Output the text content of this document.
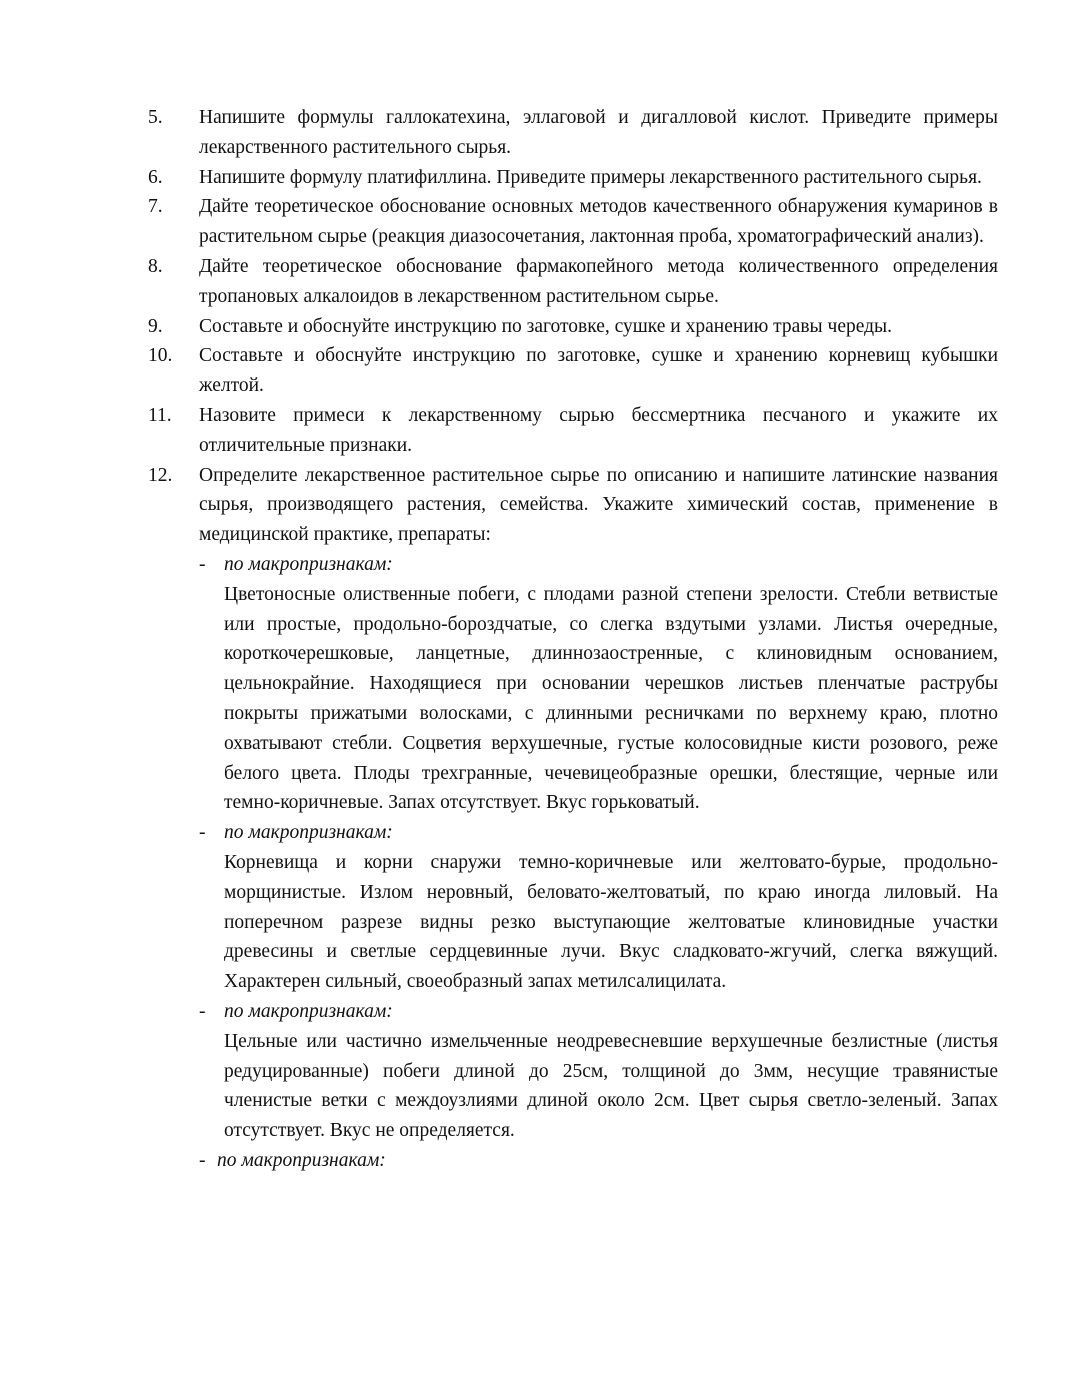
5.	Напишите формулы галлокатехина, эллаговой и дигалловой кислот. Приведите примеры лекарственного растительного сырья.
6.	Напишите формулу платифиллина. Приведите примеры лекарственного растительного сырья.
7.	Дайте теоретическое обоснование основных методов качественного обнаружения кумаринов в растительном сырье (реакция диазосочетания, лактонная проба, хроматографический анализ).
8.	Дайте теоретическое обоснование фармакопейного метода количественного определения тропановых алкалоидов в лекарственном растительном сырье.
9.	Составьте и обоснуйте инструкцию по заготовке, сушке и хранению травы череды.
10.	Составьте и обоснуйте инструкцию по заготовке, сушке и хранению корневищ кубышки желтой.
11.	Назовите примеси к лекарственному сырью бессмертника песчаного и укажите их отличительные признаки.
12.	Определите лекарственное растительное сырье по описанию и напишите латинские названия сырья, производящего растения, семейства. Укажите химический состав, применение в медицинской практике, препараты:
- по макропризнакам:
Цветоносные олиственные побеги, с плодами разной степени зрелости. Стебли ветвистые или простые, продольно-бороздчатые, со слегка вздутыми узлами. Листья очередные, короткочерешковые, ланцетные, длиннозаостренные, с клиновидным основанием, цельнокрайние. Находящиеся при основании черешков листьев пленчатые раструбы покрыты прижатыми волосками, с длинными ресничками по верхнему краю, плотно охватывают стебли. Соцветия верхушечные, густые колосовидные кисти розового, реже белого цвета. Плоды трехгранные, чечевицеобразные орешки, блестящие, черные или темно-коричневые. Запах отсутствует. Вкус горьковатый.
- по макропризнакам:
Корневища и корни снаружи темно-коричневые или желтовато-бурые, продольно-морщинистые. Излом неровный, беловато-желтоватый, по краю иногда лиловый. На поперечном разрезе видны резко выступающие желтоватые клиновидные участки древесины и светлые сердцевинные лучи. Вкус сладковато-жгучий, слегка вяжущий. Характерен сильный, своеобразный запах метилсалицилата.
- по макропризнакам:
Цельные или частично измельченные неодревесневшие верхушечные безлистные (листья редуцированные) побеги длиной до 25см, толщиной до 3мм, несущие травянистые членистые ветки с междоузлиями длиной около 2см. Цвет сырья светло-зеленый. Запах отсутствует. Вкус не определяется.
- по макропризнакам:
